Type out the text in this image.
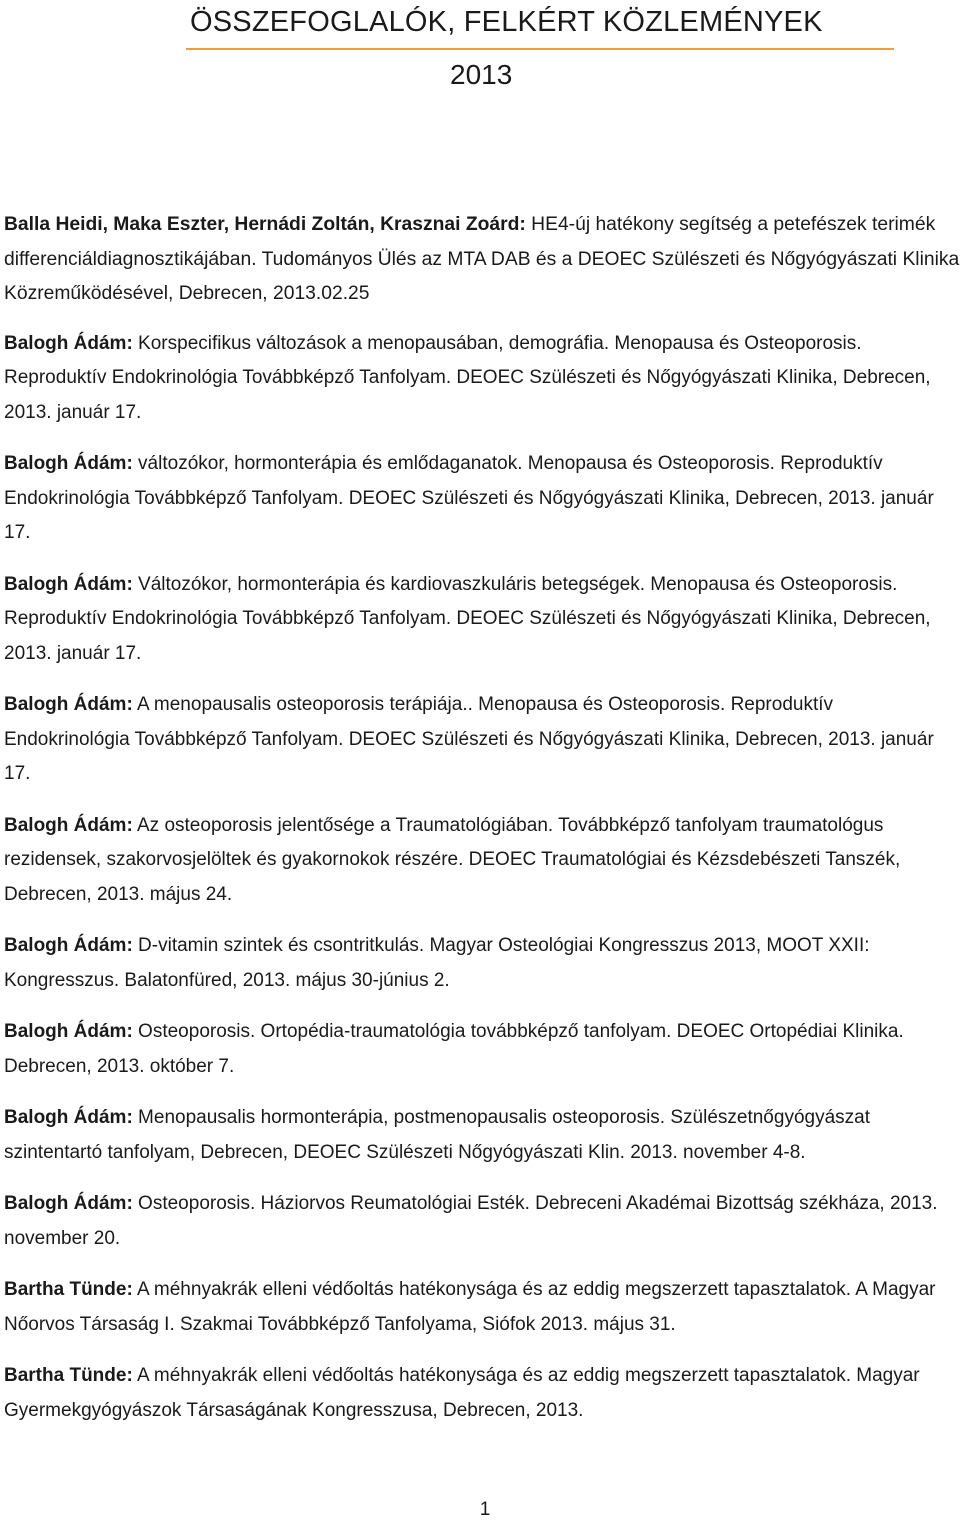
ÖSSZEFOGLALÓK, FELKÉRT KÖZLEMÉNYEK
2013

Balla Heidi, Maka Eszter, Hernádi Zoltán, Krasznai Zoárd: HE4-új hatékony segítség a petefészek terimék differenciáldiagnosztikájában. Tudományos Ülés az MTA DAB és a DEOEC Szülészeti és Nőgyógyászati Klinika Közreműködésével, Debrecen, 2013.02.25

Balogh Ádám: Korspecifikus változások a menopausában, demográfia. Menopausa és Osteoporosis. Reproduktív Endokrinológia Továbbképző Tanfolyam. DEOEC Szülészeti és Nőgyógyászati Klinika, Debrecen, 2013. január 17.

Balogh Ádám: változókor, hormonterápia és emlődaganatok. Menopausa és Osteoporosis. Reproduktív Endokrinológia Továbbképző Tanfolyam. DEOEC Szülészeti és Nőgyógyászati Klinika, Debrecen, 2013. január 17.

Balogh Ádám: Változókor, hormonterápia és kardiovaszkuláris betegségek. Menopausa és Osteoporosis. Reproduktív Endokrinológia Továbbképző Tanfolyam. DEOEC Szülészeti és Nőgyógyászati Klinika, Debrecen, 2013. január 17.

Balogh Ádám: A menopausalis osteoporosis terápiája.. Menopausa és Osteoporosis. Reproduktív Endokrinológia Továbbképző Tanfolyam. DEOEC Szülészeti és Nőgyógyászati Klinika, Debrecen, 2013. január 17.

Balogh Ádám: Az osteoporosis jelentősége a Traumatológiában. Továbbképző tanfolyam traumatológus rezidensek, szakorvosjelöltek és gyakornokok részére. DEOEC Traumatológiai és Kézsdebészeti Tanszék, Debrecen, 2013. május 24.

Balogh Ádám: D-vitamin szintek és csontritkulás. Magyar Osteológiai Kongresszus 2013, MOOT XXII: Kongresszus. Balatonfüred, 2013. május 30-június 2.

Balogh Ádám: Osteoporosis. Ortopédia-traumatológia továbbképző tanfolyam. DEOEC Ortopédiai Klinika. Debrecen, 2013. október 7.

Balogh Ádám: Menopausalis hormonterápia, postmenopausalis osteoporosis. Szülészetnőgyógyászat szintentartó tanfolyam, Debrecen, DEOEC Szülészeti Nőgyógyászati Klin. 2013. november 4-8.

Balogh Ádám: Osteoporosis. Háziorvos Reumatológiai Esték. Debreceni Akadémai Bizottság székháza, 2013. november 20.

Bartha Tünde: A méhnyakrák elleni védőoltás hatékonysága és az eddig megszerzett tapasztalatok. A Magyar Nőorvos Társaság I. Szakmai Továbbképző Tanfolyama, Siófok 2013. május 31.

Bartha Tünde: A méhnyakrák elleni védőoltás hatékonysága és az eddig megszerzett tapasztalatok. Magyar Gyermekgyógyászok Társaságának Kongresszusa, Debrecen, 2013.

1
